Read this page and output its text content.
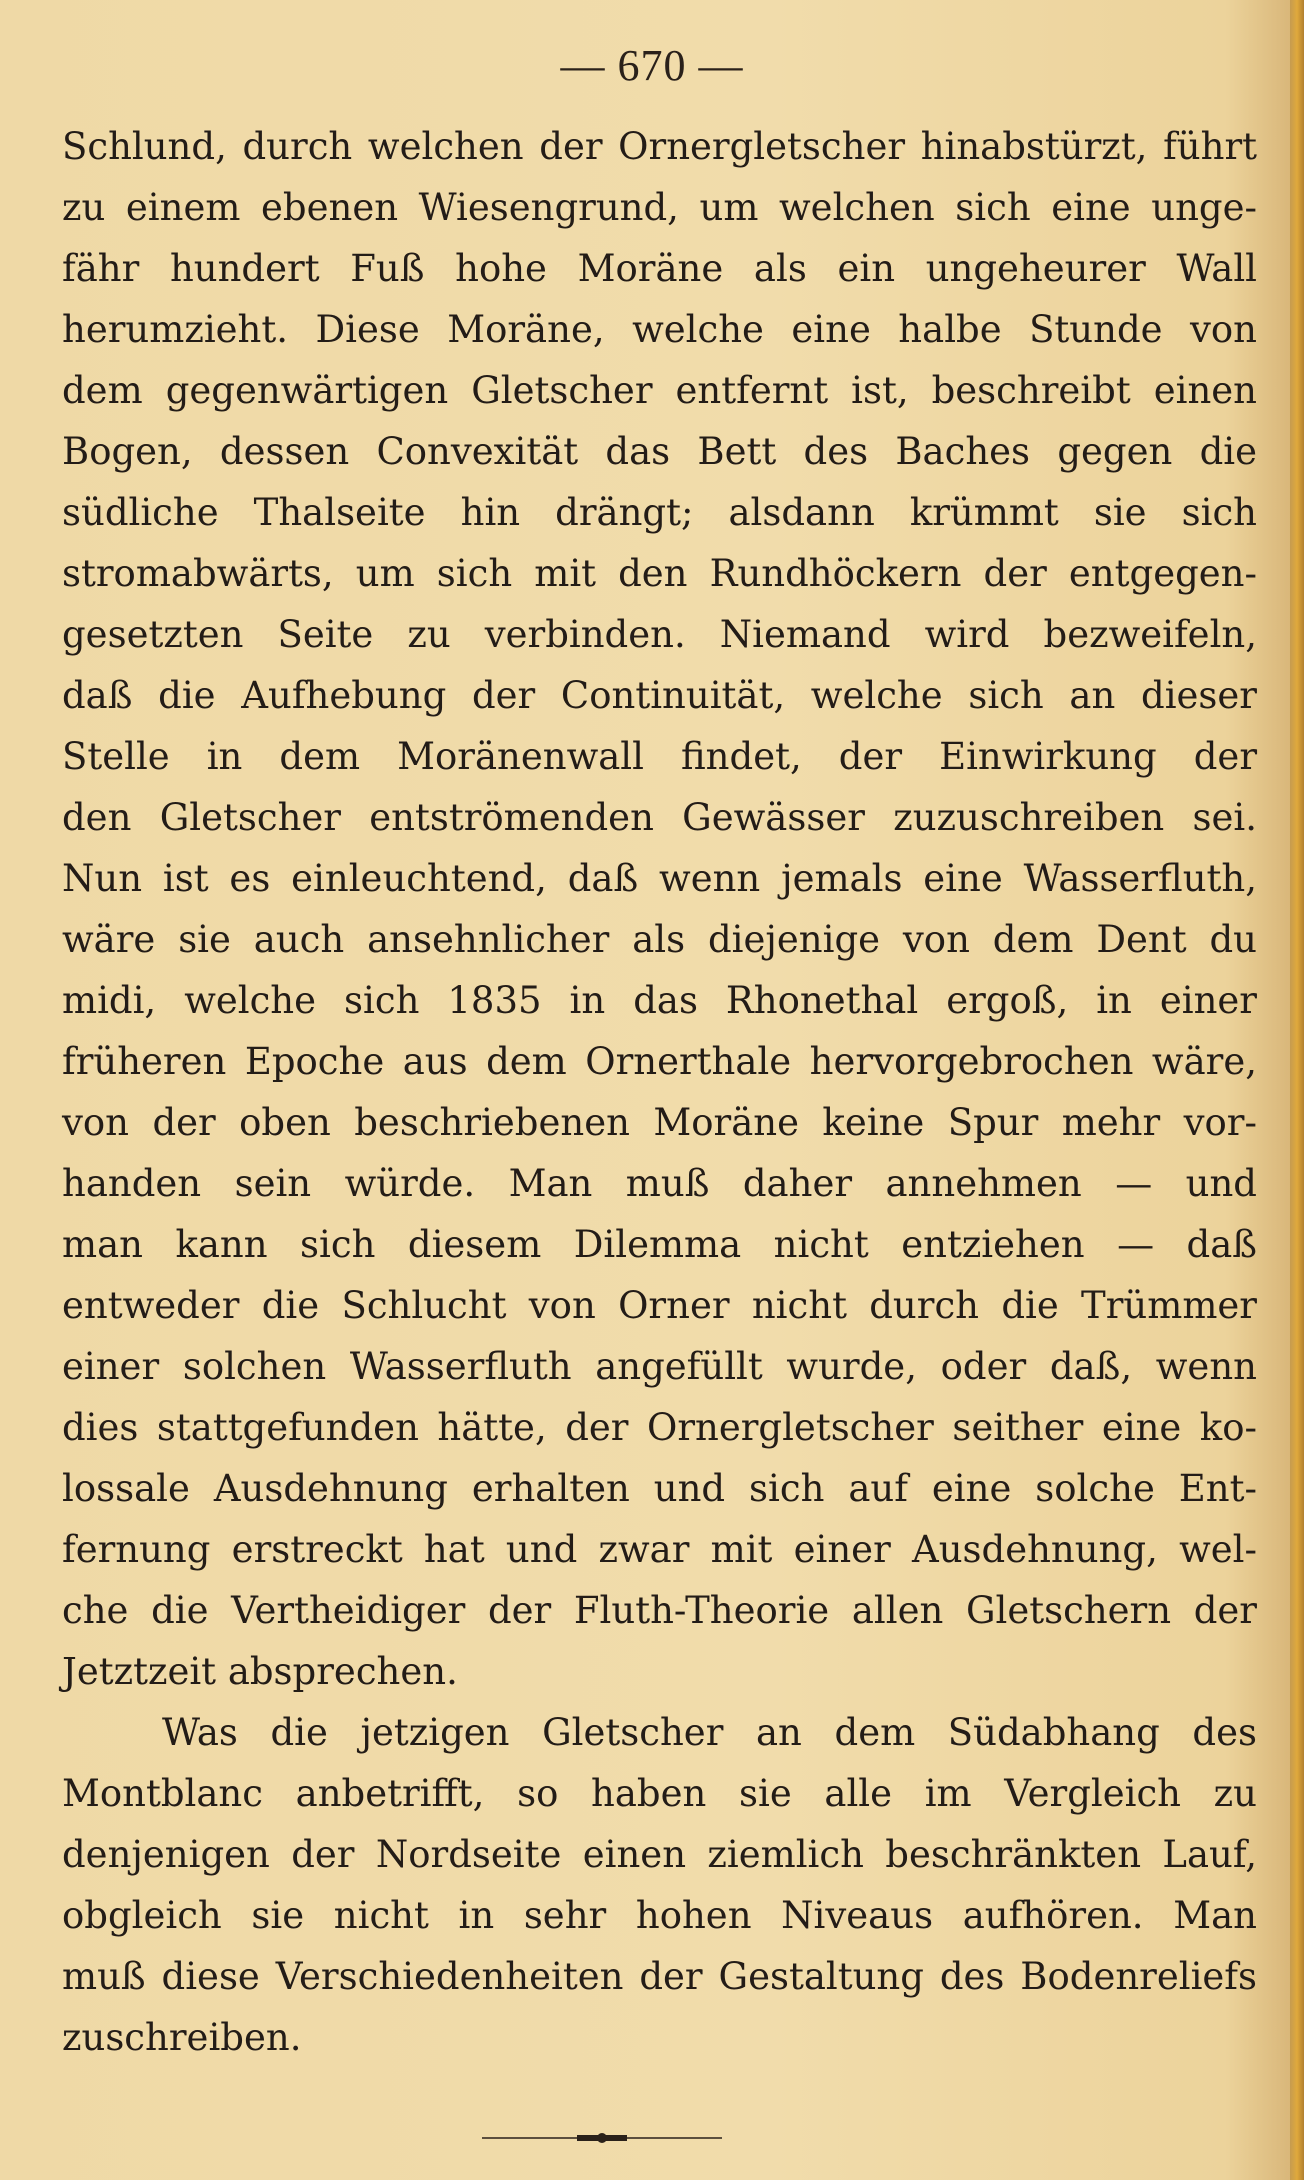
— 670 —
Schlund, durch welchen der Ornergletscher hinabstürzt, führt
zu einem ebenen Wiesengrund, um welchen sich eine unge-
fähr hundert Fuß hohe Moräne als ein ungeheurer Wall
herumzieht. Diese Moräne, welche eine halbe Stunde von
dem gegenwärtigen Gletscher entfernt ist, beschreibt einen
Bogen, dessen Convexität das Bett des Baches gegen die
südliche Thalseite hin drängt; alsdann krümmt sie sich
stromabwärts, um sich mit den Rundhöckern der entgegen-
gesetzten Seite zu verbinden. Niemand wird bezweifeln,
daß die Aufhebung der Continuität, welche sich an dieser
Stelle in dem Moränenwall findet, der Einwirkung der
den Gletscher entströmenden Gewässer zuzuschreiben sei.
Nun ist es einleuchtend, daß wenn jemals eine Wasserfluth,
wäre sie auch ansehnlicher als diejenige von dem Dent du
midi, welche sich 1835 in das Rhonethal ergoß, in einer
früheren Epoche aus dem Ornerthale hervorgebrochen wäre,
von der oben beschriebenen Moräne keine Spur mehr vor-
handen sein würde. Man muß daher annehmen — und
man kann sich diesem Dilemma nicht entziehen — daß
entweder die Schlucht von Orner nicht durch die Trümmer
einer solchen Wasserfluth angefüllt wurde, oder daß, wenn
dies stattgefunden hätte, der Ornergletscher seither eine ko-
lossale Ausdehnung erhalten und sich auf eine solche Ent-
fernung erstreckt hat und zwar mit einer Ausdehnung, wel-
che die Vertheidiger der Fluth-Theorie allen Gletschern der
Jetztzeit absprechen.
Was die jetzigen Gletscher an dem Südabhang des
Montblanc anbetrifft, so haben sie alle im Vergleich zu
denjenigen der Nordseite einen ziemlich beschränkten Lauf,
obgleich sie nicht in sehr hohen Niveaus aufhören. Man
muß diese Verschiedenheiten der Gestaltung des Bodenreliefs
zuschreiben.
